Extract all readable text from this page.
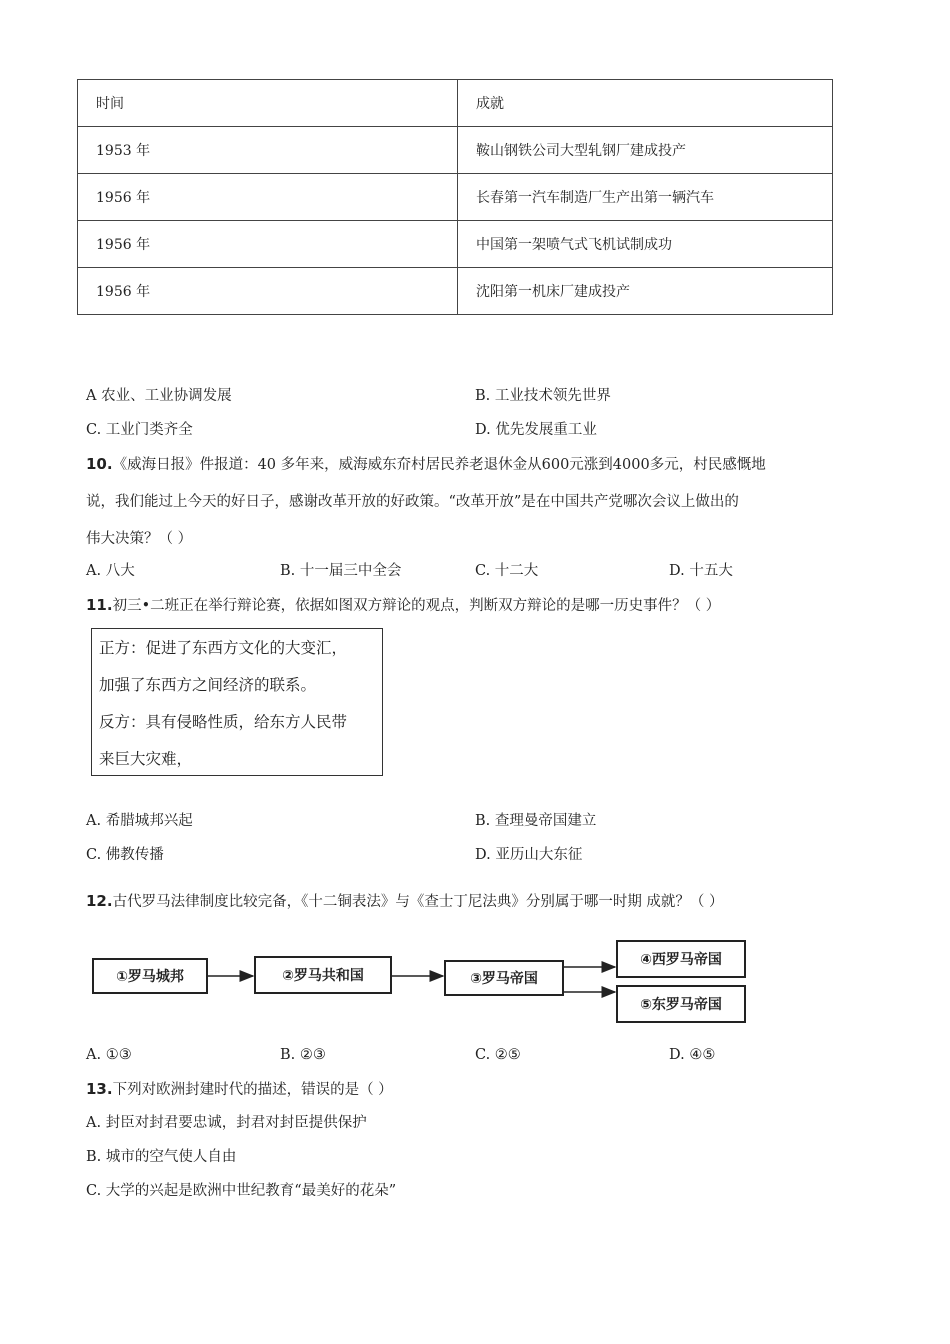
时间	成就
1953 年	鞍山钢铁公司大型轧钢厂建成投产
1956 年	长春第一汽车制造厂生产出第一辆汽车
1956 年	中国第一架喷气式飞机试制成功
1956 年	沈阳第一机床厂建成投产
A 农业、工业协调发展	B. 工业技术领先世界
C. 工业门类齐全	D. 优先发展重工业
10.《威海日报》件报道：40 多年来，威海威东夼村居民养老退休金从600元涨到4000多元，村民感慨地
说，我们能过上今天的好日子，感谢改革开放的好政策。“改革开放”是在中国共产党哪次会议上做出的
伟大决策？（ ）
A. 八大	B. 十一届三中全会	C. 十二大	D. 十五大
11.初三•二班正在举行辩论赛，依据如图双方辩论的观点，判断双方辩论的是哪一历史事件？（ ）
正方：促进了东西方文化的大变汇，
加强了东西方之间经济的联系。
反方：具有侵略性质，给东方人民带
来巨大灾难，
A. 希腊城邦兴起	B. 查理曼帝国建立
C. 佛教传播	D. 亚历山大东征
12.古代罗马法律制度比较完备，《十二铜表法》与《查士丁尼法典》分别属于哪一时期 成就？（ ）
①罗马城邦	②罗马共和国	③罗马帝国
④西罗马帝国
⑤东罗马帝国
A. ①③	B. ②③	C. ②⑤	D. ④⑤
13.下列对欧洲封建时代的描述，错误的是（ ）
A. 封臣对封君要忠诚，封君对封臣提供保护
B. 城市的空气使人自由
C. 大学的兴起是欧洲中世纪教育“最美好的花朵”
